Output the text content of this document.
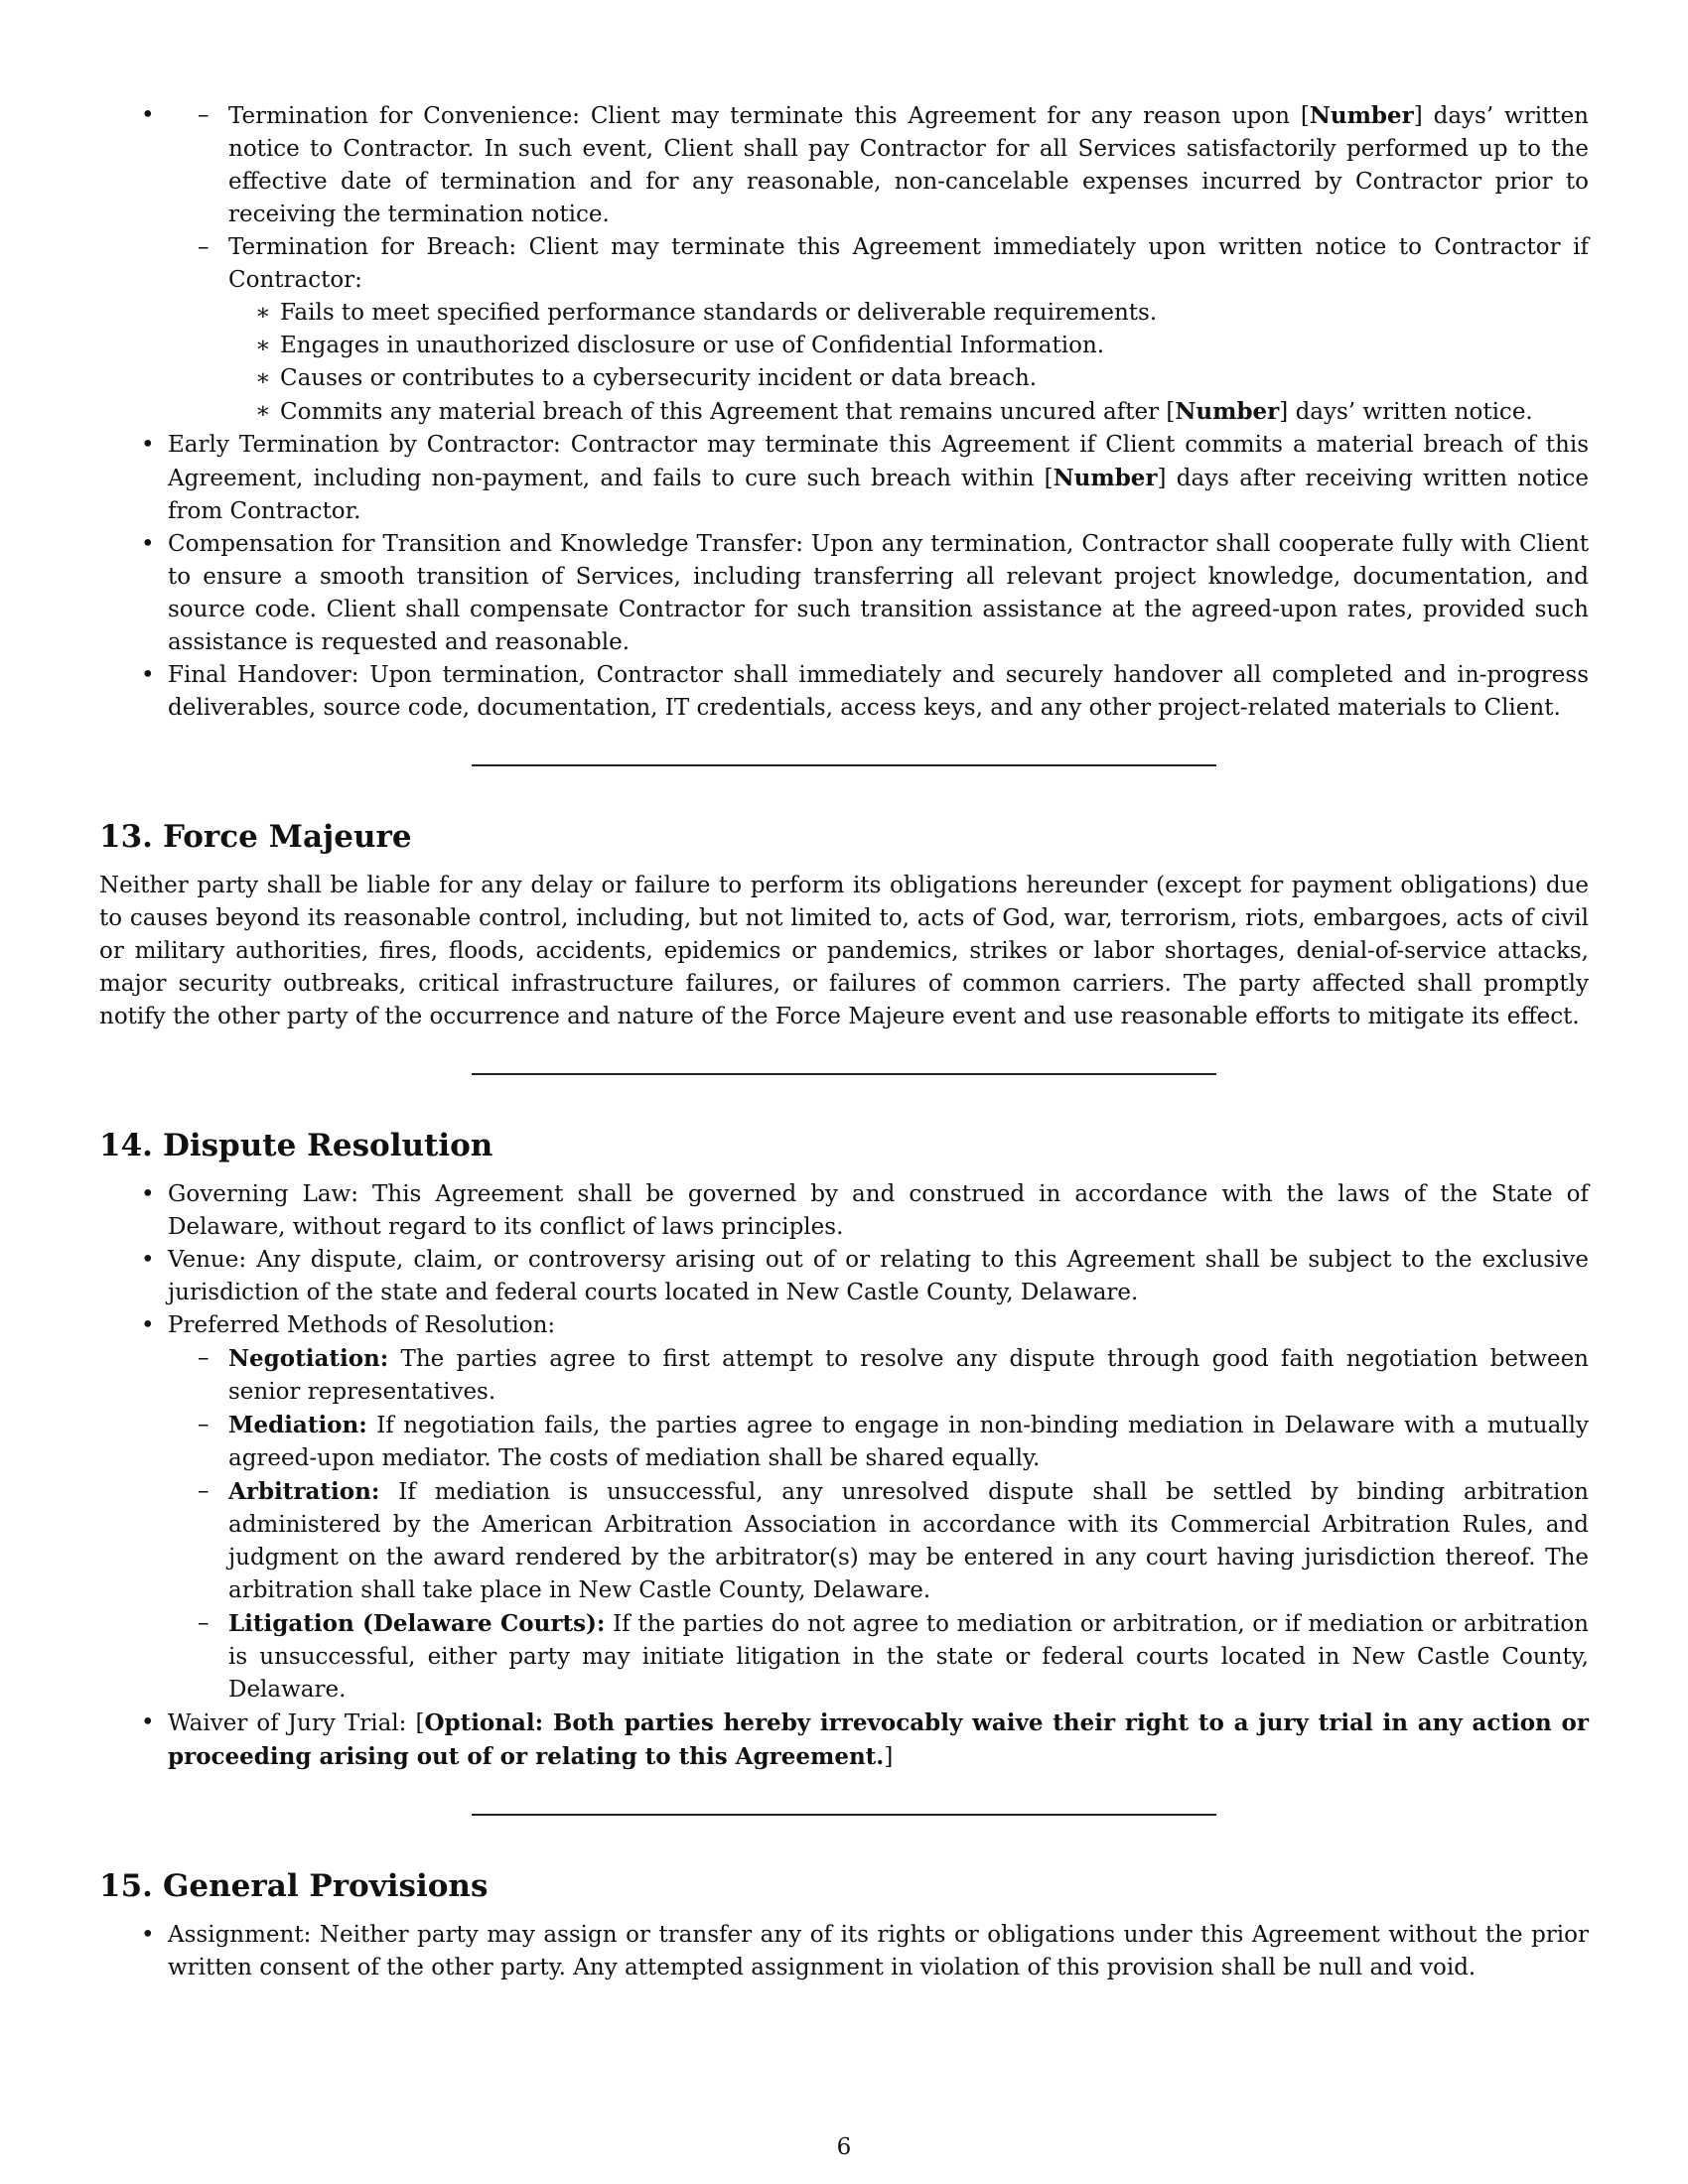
– • Termination for Convenience: Client may terminate this Agreement for any reason upon [Number] days’ written notice to Contractor. In such event, Client shall pay Contractor for all Services satisfactorily performed up to the effective date of termination and for any reasonable, non-cancelable expenses incurred by Contractor prior to receiving the termination notice.
– Termination for Breach: Client may terminate this Agreement immediately upon written notice to Contractor if Contractor:
∗ Fails to meet specified performance standards or deliverable requirements.
∗ Engages in unauthorized disclosure or use of Confidential Information.
∗ Causes or contributes to a cybersecurity incident or data breach.
∗ Commits any material breach of this Agreement that remains uncured after [Number] days’ written notice.
• Early Termination by Contractor: Contractor may terminate this Agreement if Client commits a material breach of this Agreement, including non-payment, and fails to cure such breach within [Number] days after receiving written notice from Contractor.
• Compensation for Transition and Knowledge Transfer: Upon any termination, Contractor shall cooperate fully with Client to ensure a smooth transition of Services, including transferring all relevant project knowledge, documentation, and source code. Client shall compensate Contractor for such transition assistance at the agreed-upon rates, provided such assistance is requested and reasonable.
• Final Handover: Upon termination, Contractor shall immediately and securely handover all completed and in-progress deliverables, source code, documentation, IT credentials, access keys, and any other project-related materials to Client.
13. Force Majeure

Neither party shall be liable for any delay or failure to perform its obligations hereunder (except for payment obligations) due to causes beyond its reasonable control, including, but not limited to, acts of God, war, terrorism, riots, embargoes, acts of civil or military authorities, fires, floods, accidents, epidemics or pandemics, strikes or labor shortages, denial-of-service attacks, major security outbreaks, critical infrastructure failures, or failures of common carriers. The party affected shall promptly notify the other party of the occurrence and nature of the Force Majeure event and use reasonable efforts to mitigate its effect.

14. Dispute Resolution
• Governing Law: This Agreement shall be governed by and construed in accordance with the laws of the State of Delaware, without regard to its conflict of laws principles.
• Venue: Any dispute, claim, or controversy arising out of or relating to this Agreement shall be subject to the exclusive jurisdiction of the state and federal courts located in New Castle County, Delaware.
• Preferred Methods of Resolution:
– Negotiation: The parties agree to first attempt to resolve any dispute through good faith negotiation between senior representatives.
– Mediation: If negotiation fails, the parties agree to engage in non-binding mediation in Delaware with a mutually agreed-upon mediator. The costs of mediation shall be shared equally.
– Arbitration: If mediation is unsuccessful, any unresolved dispute shall be settled by binding arbitration administered by the American Arbitration Association in accordance with its Commercial Arbitration Rules, and judgment on the award rendered by the arbitrator(s) may be entered in any court having jurisdiction thereof. The arbitration shall take place in New Castle County, Delaware.
– Litigation (Delaware Courts): If the parties do not agree to mediation or arbitration, or if mediation or arbitration is unsuccessful, either party may initiate litigation in the state or federal courts located in New Castle County, Delaware.
• Waiver of Jury Trial: [Optional: Both parties hereby irrevocably waive their right to a jury trial in any action or proceeding arising out of or relating to this Agreement.]
15. General Provisions
• Assignment: Neither party may assign or transfer any of its rights or obligations under this Agreement without the prior written consent of the other party. Any attempted assignment in violation of this provision shall be null and void.
6
